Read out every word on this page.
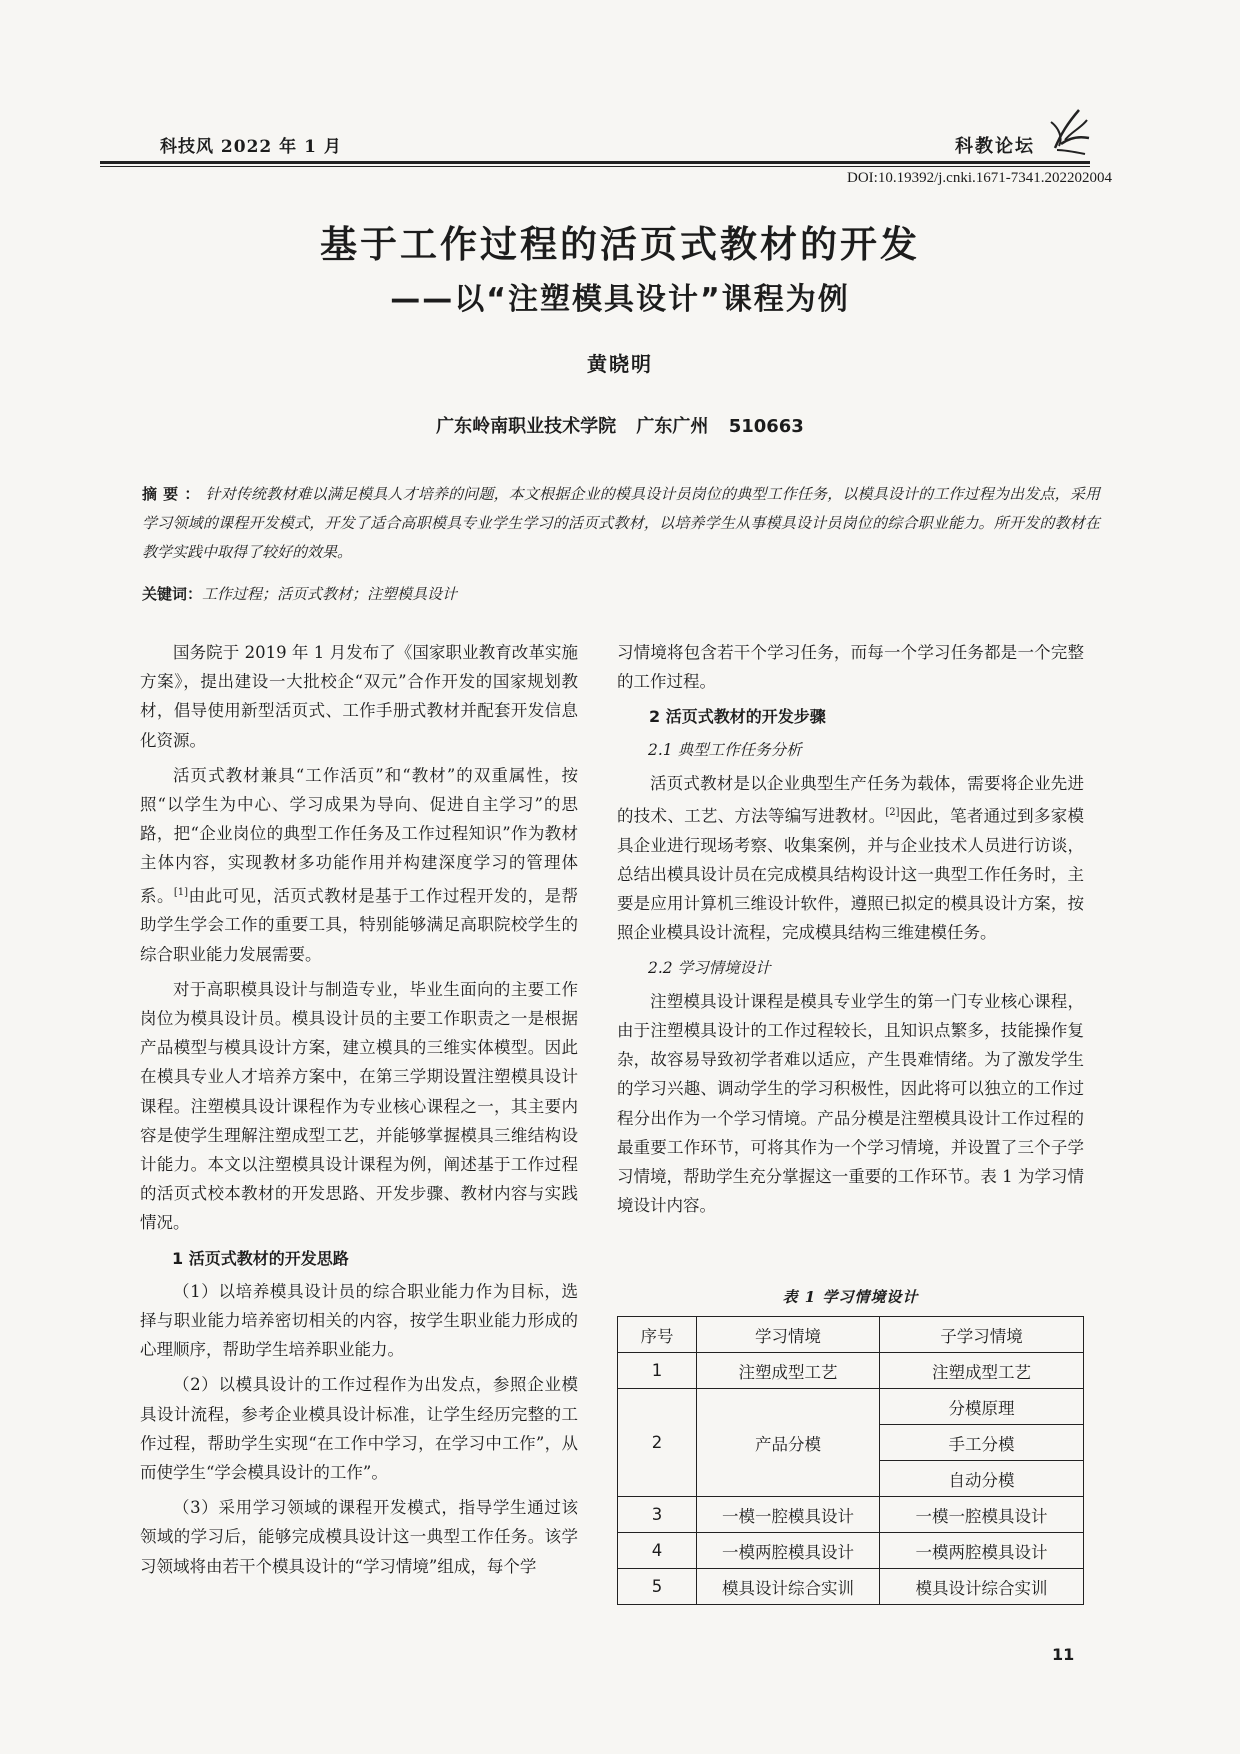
科技风 2022 年 1 月	科教论坛
DOI:10.19392/j.cnki.1671-7341.202202004
基于工作过程的活页式教材的开发
——以“注塑模具设计”课程为例
黄晓明
广东岭南职业技术学院 广东广州 510663
摘要：针对传统教材难以满足模具人才培养的问题，本文根据企业的模具设计员岗位的典型工作任务，以模具设计的工作过程为出发点，采用学习领域的课程开发模式，开发了适合高职模具专业学生学习的活页式教材，以培养学生从事模具设计员岗位的综合职业能力。所开发的教材在教学实践中取得了较好的效果。
关键词：工作过程；活页式教材；注塑模具设计

国务院于 2019 年 1 月发布了《国家职业教育改革实施方案》，提出建设一大批校企“双元”合作开发的国家规划教材，倡导使用新型活页式、工作手册式教材并配套开发信息化资源。

活页式教材兼具“工作活页”和“教材”的双重属性，按照“以学生为中心、学习成果为导向、促进自主学习”的思路，把“企业岗位的典型工作任务及工作过程知识”作为教材主体内容，实现教材多功能作用并构建深度学习的管理体系。[1]由此可见，活页式教材是基于工作过程开发的，是帮助学生学会工作的重要工具，特别能够满足高职院校学生的综合职业能力发展需要。

对于高职模具设计与制造专业，毕业生面向的主要工作岗位为模具设计员。模具设计员的主要工作职责之一是根据产品模型与模具设计方案，建立模具的三维实体模型。因此在模具专业人才培养方案中，在第三学期设置注塑模具设计课程。注塑模具设计课程作为专业核心课程之一，其主要内容是使学生理解注塑成型工艺，并能够掌握模具三维结构设计能力。本文以注塑模具设计课程为例，阐述基于工作过程的活页式校本教材的开发思路、开发步骤、教材内容与实践情况。

1 活页式教材的开发思路

（1）以培养模具设计员的综合职业能力作为目标，选择与职业能力培养密切相关的内容，按学生职业能力形成的心理顺序，帮助学生培养职业能力。

（2）以模具设计的工作过程作为出发点，参照企业模具设计流程，参考企业模具设计标准，让学生经历完整的工作过程，帮助学生实现“在工作中学习，在学习中工作”，从而使学生“学会模具设计的工作”。

（3）采用学习领域的课程开发模式，指导学生通过该领域的学习后，能够完成模具设计这一典型工作任务。该学习领域将由若干个模具设计的“学习情境”组成，每个学

习情境将包含若干个学习任务，而每一个学习任务都是一个完整的工作过程。

2 活页式教材的开发步骤

2.1 典型工作任务分析

活页式教材是以企业典型生产任务为载体，需要将企业先进的技术、工艺、方法等编写进教材。[2]因此，笔者通过到多家模具企业进行现场考察、收集案例，并与企业技术人员进行访谈，总结出模具设计员在完成模具结构设计这一典型工作任务时，主要是应用计算机三维设计软件，遵照已拟定的模具设计方案，按照企业模具设计流程，完成模具结构三维建模任务。

2.2 学习情境设计

注塑模具设计课程是模具专业学生的第一门专业核心课程，由于注塑模具设计的工作过程较长，且知识点繁多，技能操作复杂，故容易导致初学者难以适应，产生畏难情绪。为了激发学生的学习兴趣、调动学生的学习积极性，因此将可以独立的工作过程分出作为一个学习情境。产品分模是注塑模具设计工作过程的最重要工作环节，可将其作为一个学习情境，并设置了三个子学习情境，帮助学生充分掌握这一重要的工作环节。表 1 为学习情境设计内容。

表 1 学习情境设计
序号	学习情境	子学习情境
1	注塑成型工艺	注塑成型工艺
2	产品分模	分模原理
		手工分模
		自动分模
3	一模一腔模具设计	一模一腔模具设计
4	一模两腔模具设计	一模两腔模具设计
5	模具设计综合实训	模具设计综合实训
11
